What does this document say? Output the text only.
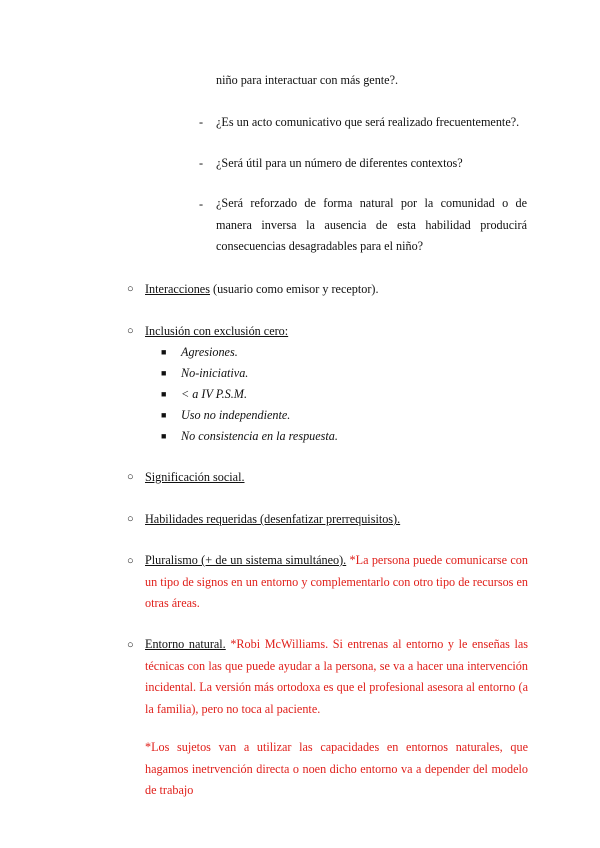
niño para interactuar con más gente?.
- ¿Es un acto comunicativo que será realizado frecuentemente?.
- ¿Será útil para un número de diferentes contextos?
- ¿Será reforzado de forma natural por la comunidad o de manera inversa la ausencia de esta habilidad producirá consecuencias desagradables para el niño?
○ Interacciones (usuario como emisor y receptor).
○ Inclusión con exclusión cero:
■ Agresiones.
■ No-iniciativa.
■ < a IV P.S.M.
■ Uso no independiente.
■ No consistencia en la respuesta.
○ Significación social.
○ Habilidades requeridas (desenfatizar prerrequisitos).
○ Pluralismo (+ de un sistema simultáneo). *La persona puede comunicarse con un tipo de signos en un entorno y complementarlo con otro tipo de recursos en otras áreas.
○ Entorno natural. *Robi McWilliams. Si entrenas al entorno y le enseñas las técnicas con las que puede ayudar a la persona, se va a hacer una intervención incidental. La versión más ortodoxa es que el profesional asesora al entorno (a la familia), pero no toca al paciente.
*Los sujetos van a utilizar las capacidades en entornos naturales, que hagamos inetrvención directa o noen dicho entorno va a depender del modelo de trabajo
